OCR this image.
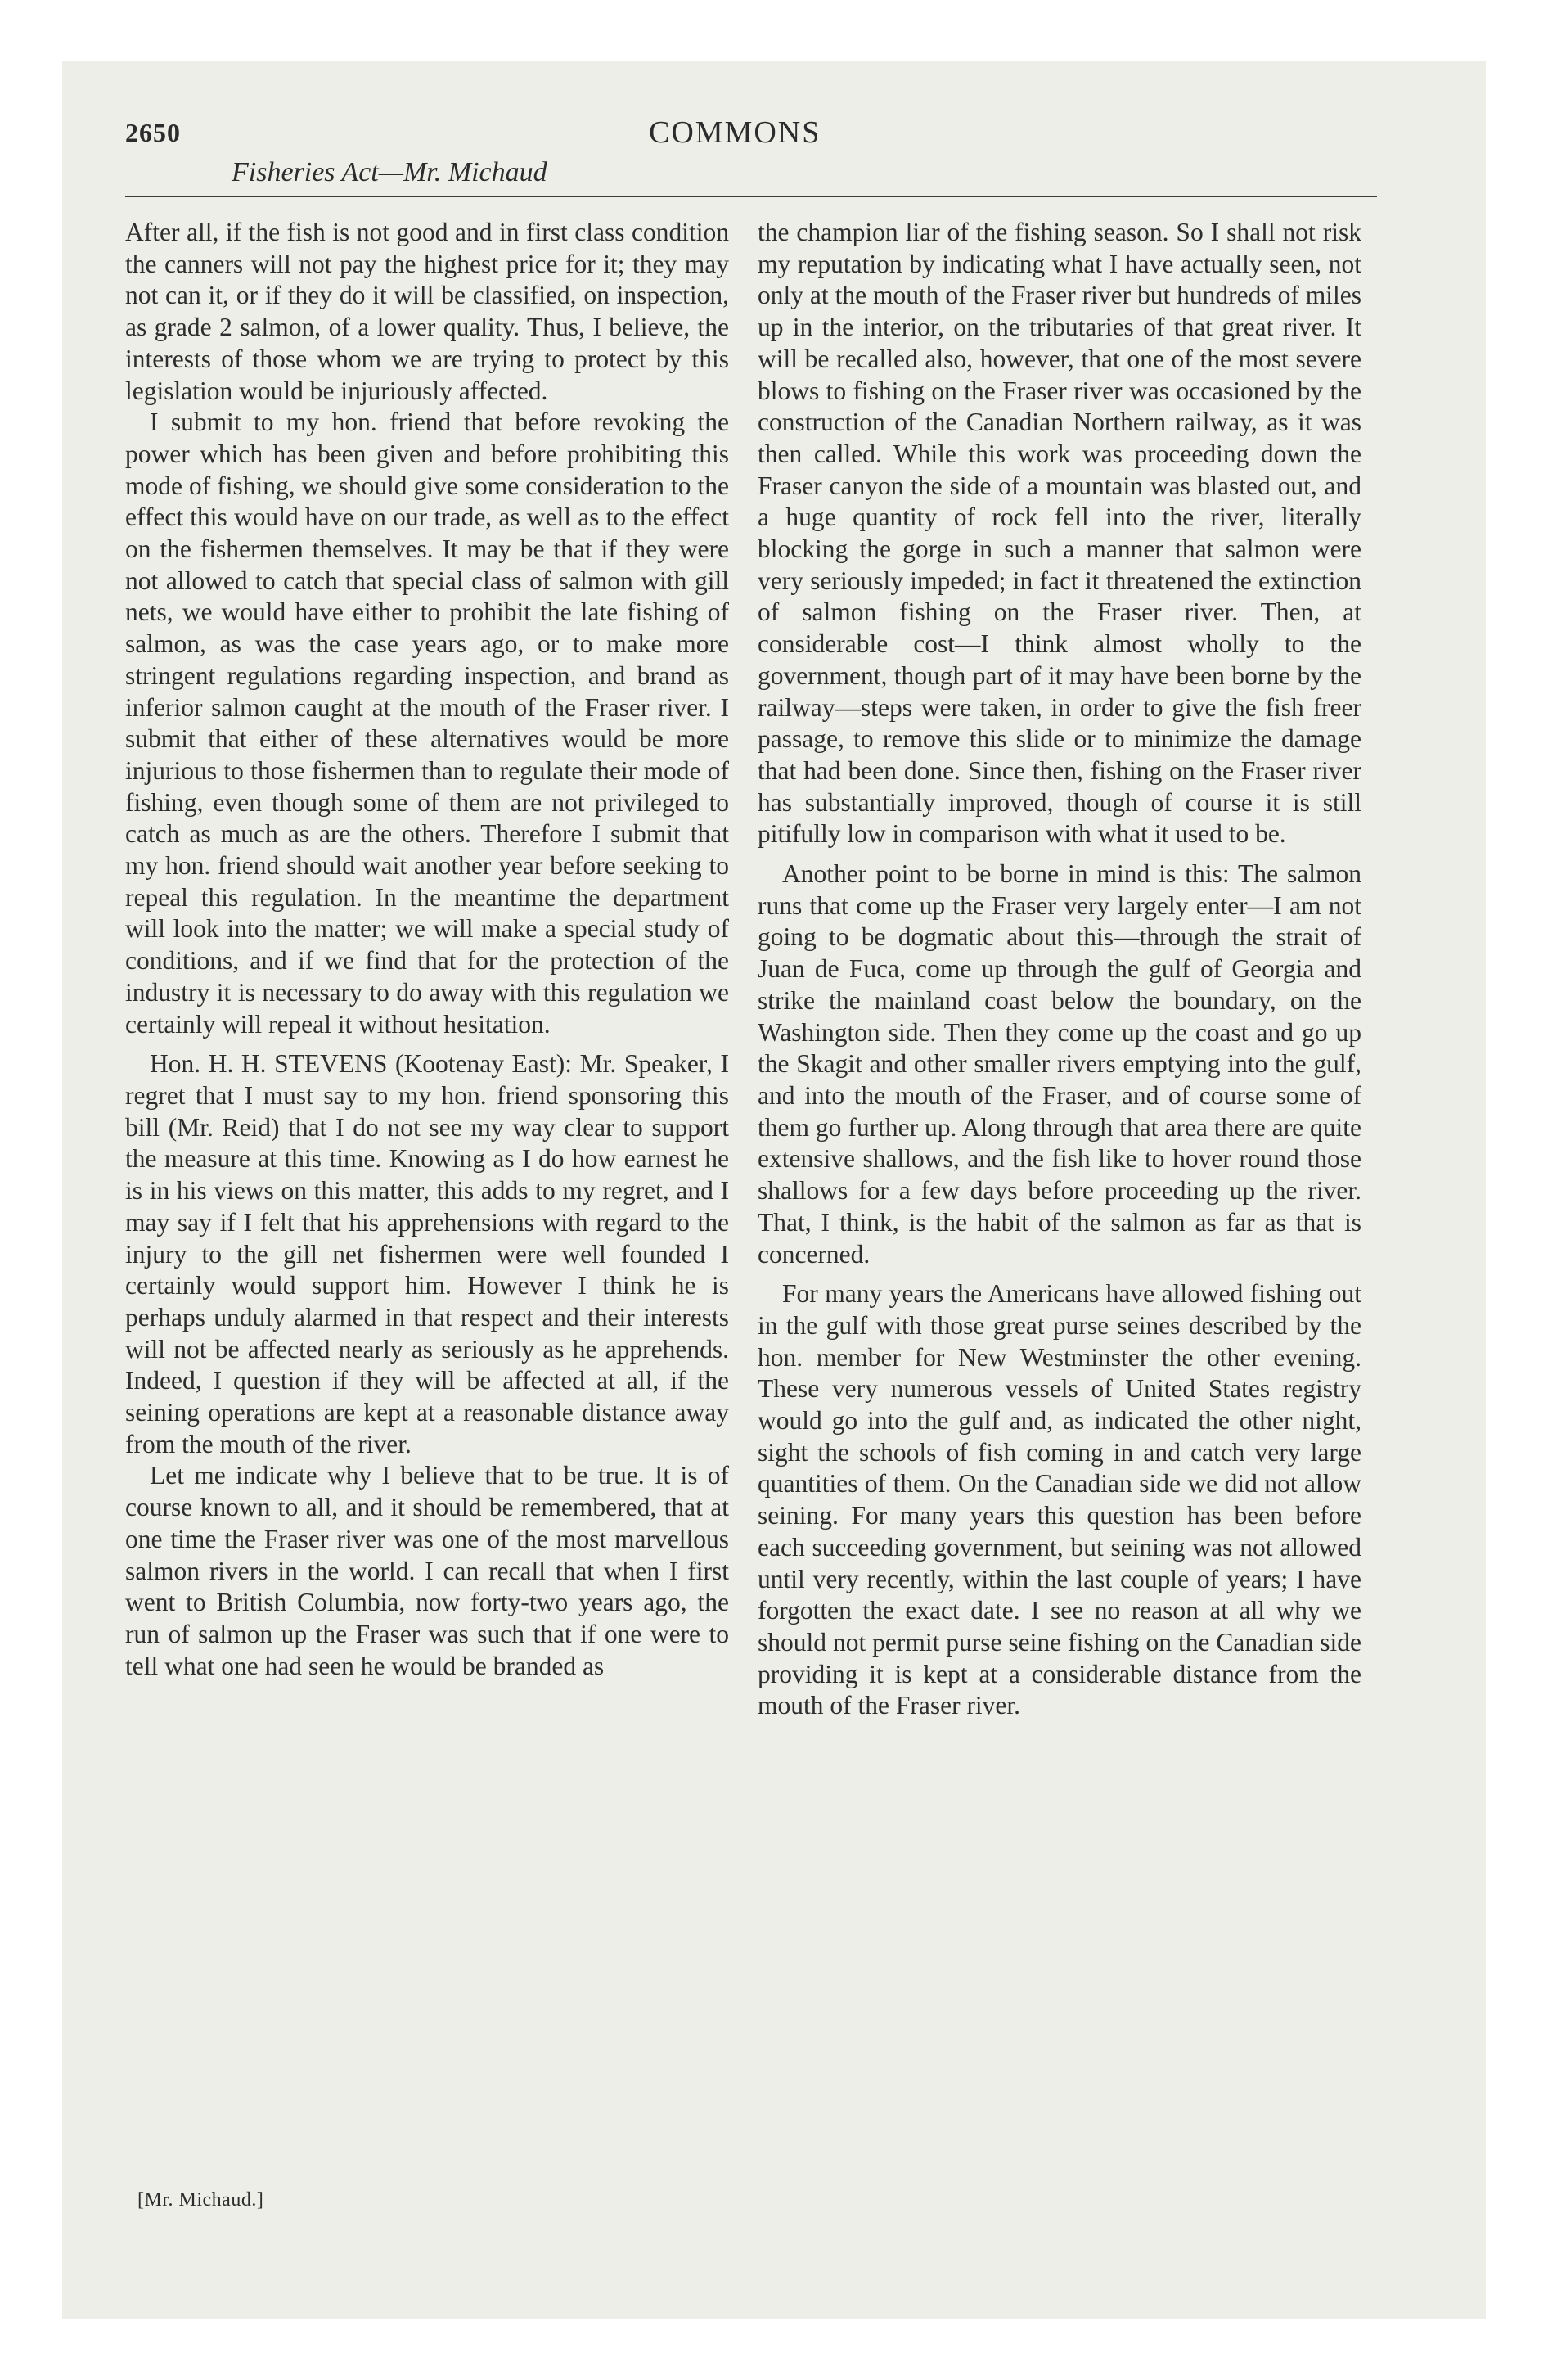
2650
Fisheries Act—Mr. Michaud
COMMONS

After all, if the fish is not good and in first class condition the canners will not pay the highest price for it; they may not can it, or if they do it will be classified, on inspection, as grade 2 salmon, of a lower quality. Thus, I believe, the interests of those whom we are trying to protect by this legislation would be injuriously affected.

I submit to my hon. friend that before revoking the power which has been given and before prohibiting this mode of fishing, we should give some consideration to the effect this would have on our trade, as well as to the effect on the fishermen themselves. It may be that if they were not allowed to catch that special class of salmon with gill nets, we would have either to prohibit the late fishing of salmon, as was the case years ago, or to make more stringent regulations regarding inspection, and brand as inferior salmon caught at the mouth of the Fraser river. I submit that either of these alternatives would be more injurious to those fishermen than to regulate their mode of fishing, even though some of them are not privileged to catch as much as are the others. Therefore I submit that my hon. friend should wait another year before seeking to repeal this regulation. In the meantime the department will look into the matter; we will make a special study of conditions, and if we find that for the protection of the industry it is necessary to do away with this regulation we certainly will repeal it without hesitation.

Hon. H. H. STEVENS (Kootenay East): Mr. Speaker, I regret that I must say to my hon. friend sponsoring this bill (Mr. Reid) that I do not see my way clear to support the measure at this time. Knowing as I do how earnest he is in his views on this matter, this adds to my regret, and I may say if I felt that his apprehensions with regard to the injury to the gill net fishermen were well founded I certainly would support him. However I think he is perhaps unduly alarmed in that respect and their interests will not be affected nearly as seriously as he apprehends. Indeed, I question if they will be affected at all, if the seining operations are kept at a reasonable distance away from the mouth of the river.

Let me indicate why I believe that to be true. It is of course known to all, and it should be remembered, that at one time the Fraser river was one of the most marvellous salmon rivers in the world. I can recall that when I first went to British Columbia, now forty-two years ago, the run of salmon up the Fraser was such that if one were to tell what one had seen he would be branded as

the champion liar of the fishing season. So I shall not risk my reputation by indicating what I have actually seen, not only at the mouth of the Fraser river but hundreds of miles up in the interior, on the tributaries of that great river. It will be recalled also, however, that one of the most severe blows to fishing on the Fraser river was occasioned by the construction of the Canadian Northern railway, as it was then called. While this work was proceeding down the Fraser canyon the side of a mountain was blasted out, and a huge quantity of rock fell into the river, literally blocking the gorge in such a manner that salmon were very seriously impeded; in fact it threatened the extinction of salmon fishing on the Fraser river. Then, at considerable cost—I think almost wholly to the government, though part of it may have been borne by the railway—steps were taken, in order to give the fish freer passage, to remove this slide or to minimize the damage that had been done. Since then, fishing on the Fraser river has substantially improved, though of course it is still pitifully low in comparison with what it used to be.

Another point to be borne in mind is this: The salmon runs that come up the Fraser very largely enter—I am not going to be dogmatic about this—through the strait of Juan de Fuca, come up through the gulf of Georgia and strike the mainland coast below the boundary, on the Washington side. Then they come up the coast and go up the Skagit and other smaller rivers emptying into the gulf, and into the mouth of the Fraser, and of course some of them go further up. Along through that area there are quite extensive shallows, and the fish like to hover round those shallows for a few days before proceeding up the river. That, I think, is the habit of the salmon as far as that is concerned.

For many years the Americans have allowed fishing out in the gulf with those great purse seines described by the hon. member for New Westminster the other evening. These very numerous vessels of United States registry would go into the gulf and, as indicated the other night, sight the schools of fish coming in and catch very large quantities of them. On the Canadian side we did not allow seining. For many years this question has been before each succeeding government, but seining was not allowed until very recently, within the last couple of years; I have forgotten the exact date. I see no reason at all why we should not permit purse seine fishing on the Canadian side providing it is kept at a considerable distance from the mouth of the Fraser river.

[Mr. Michaud.]
